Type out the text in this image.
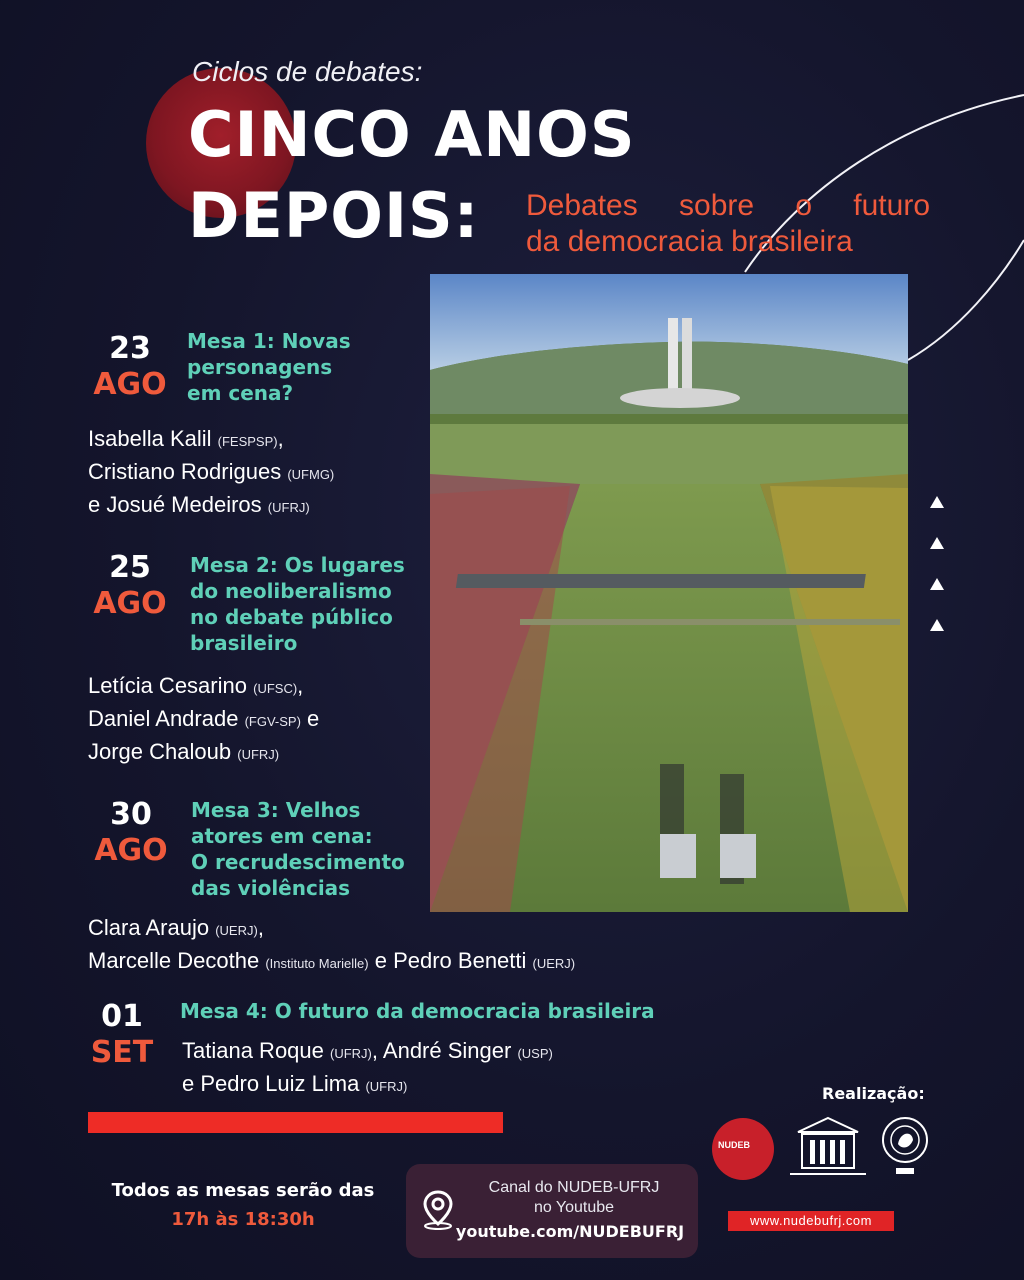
Ciclos de debates:
CINCO ANOS
DEPOIS: Debates sobre o futuro
da democracia brasileira
23
AGO
Mesa 1: Novas
personagens
em cena?
Isabella Kalil (FESPSP),
Cristiano Rodrigues (UFMG)
e Josué Medeiros (UFRJ)
25
AGO
Mesa 2: Os lugares
do neoliberalismo
no debate público
brasileiro
Letícia Cesarino (UFSC),
Daniel Andrade (FGV-SP) e
Jorge Chaloub (UFRJ)
30
AGO
Mesa 3: Velhos
atores em cena:
O recrudescimento
das violências
Clara Araujo (UERJ),
Marcelle Decothe (Instituto Marielle) e Pedro Benetti (UERJ)
01
SET
Mesa 4: O futuro da democracia brasileira
Tatiana Roque (UFRJ), André Singer (USP)
e Pedro Luiz Lima (UFRJ)	Realização:
NUDEB
www.nudebufrj.com
Todos as mesas serão das
17h às 18:30h
Canal do NUDEB-UFRJ
no Youtube
youtube.com/NUDEBUFRJ
